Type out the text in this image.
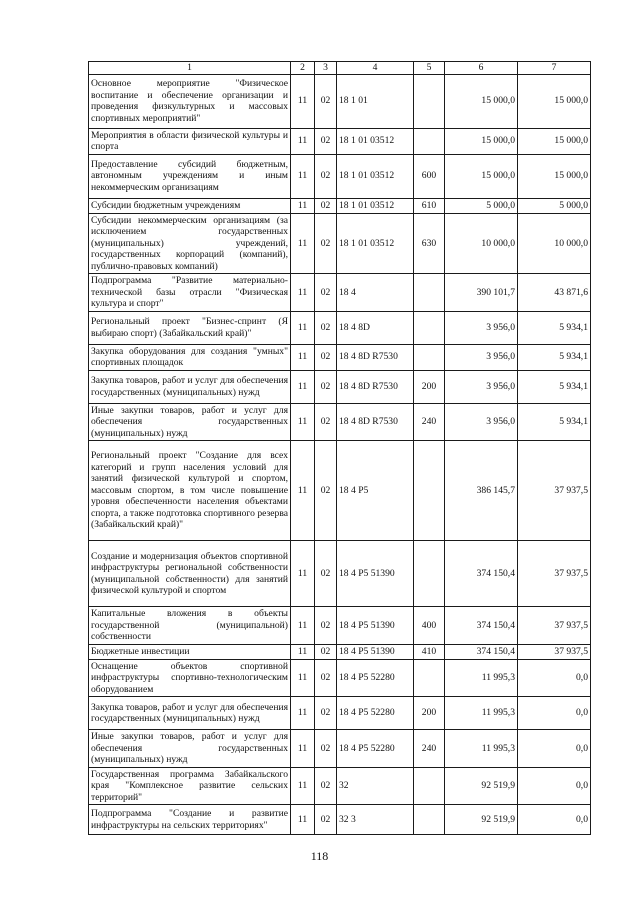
1	2	3	4	5	6	7
Основное мероприятие "Физическое воспитание и обеспечение организации и проведения физкультурных и массовых спортивных мероприятий"	11	02	18 1 01		15 000,0	15 000,0
Мероприятия в области физической культуры и спорта	11	02	18 1 01 03512		15 000,0	15 000,0
Предоставление субсидий бюджетным, автономным учреждениям и иным некоммерческим организациям	11	02	18 1 01 03512	600	15 000,0	15 000,0
Субсидии бюджетным учреждениям	11	02	18 1 01 03512	610	5 000,0	5 000,0
Субсидии некоммерческим организациям (за исключением государственных (муниципальных) учреждений, государственных корпораций (компаний), публично-правовых компаний)	11	02	18 1 01 03512	630	10 000,0	10 000,0
Подпрограмма "Развитие материально-технической базы отрасли "Физическая культура и спорт"	11	02	18 4		390 101,7	43 871,6
Региональный проект "Бизнес-спринт (Я выбираю спорт) (Забайкальский край)"	11	02	18 4 8D		3 956,0	5 934,1
Закупка оборудования для создания "умных" спортивных площадок	11	02	18 4 8D R7530		3 956,0	5 934,1
Закупка товаров, работ и услуг для обеспечения государственных (муниципальных) нужд	11	02	18 4 8D R7530	200	3 956,0	5 934,1
Иные закупки товаров, работ и услуг для обеспечения государственных (муниципальных) нужд	11	02	18 4 8D R7530	240	3 956,0	5 934,1
Региональный проект "Создание для всех категорий и групп населения условий для занятий физической культурой и спортом, массовым спортом, в том числе повышение уровня обеспеченности населения объектами спорта, а также подготовка спортивного резерва (Забайкальский край)"	11	02	18 4 P5		386 145,7	37 937,5
Создание и модернизация объектов спортивной инфраструктуры региональной собственности (муниципальной собственности) для занятий физической культурой и спортом	11	02	18 4 P5 51390		374 150,4	37 937,5
Капитальные вложения в объекты государственной (муниципальной) собственности	11	02	18 4 P5 51390	400	374 150,4	37 937,5
Бюджетные инвестиции	11	02	18 4 P5 51390	410	374 150,4	37 937,5
Оснащение объектов спортивной инфраструктуры спортивно-технологическим оборудованием	11	02	18 4 P5 52280		11 995,3	0,0
Закупка товаров, работ и услуг для обеспечения государственных (муниципальных) нужд	11	02	18 4 P5 52280	200	11 995,3	0,0
Иные закупки товаров, работ и услуг для обеспечения государственных (муниципальных) нужд	11	02	18 4 P5 52280	240	11 995,3	0,0
Государственная программа Забайкальского края "Комплексное развитие сельских территорий"	11	02	32		92 519,9	0,0
Подпрограмма "Создание и развитие инфраструктуры на сельских территориях"	11	02	32 3		92 519,9	0,0
118
